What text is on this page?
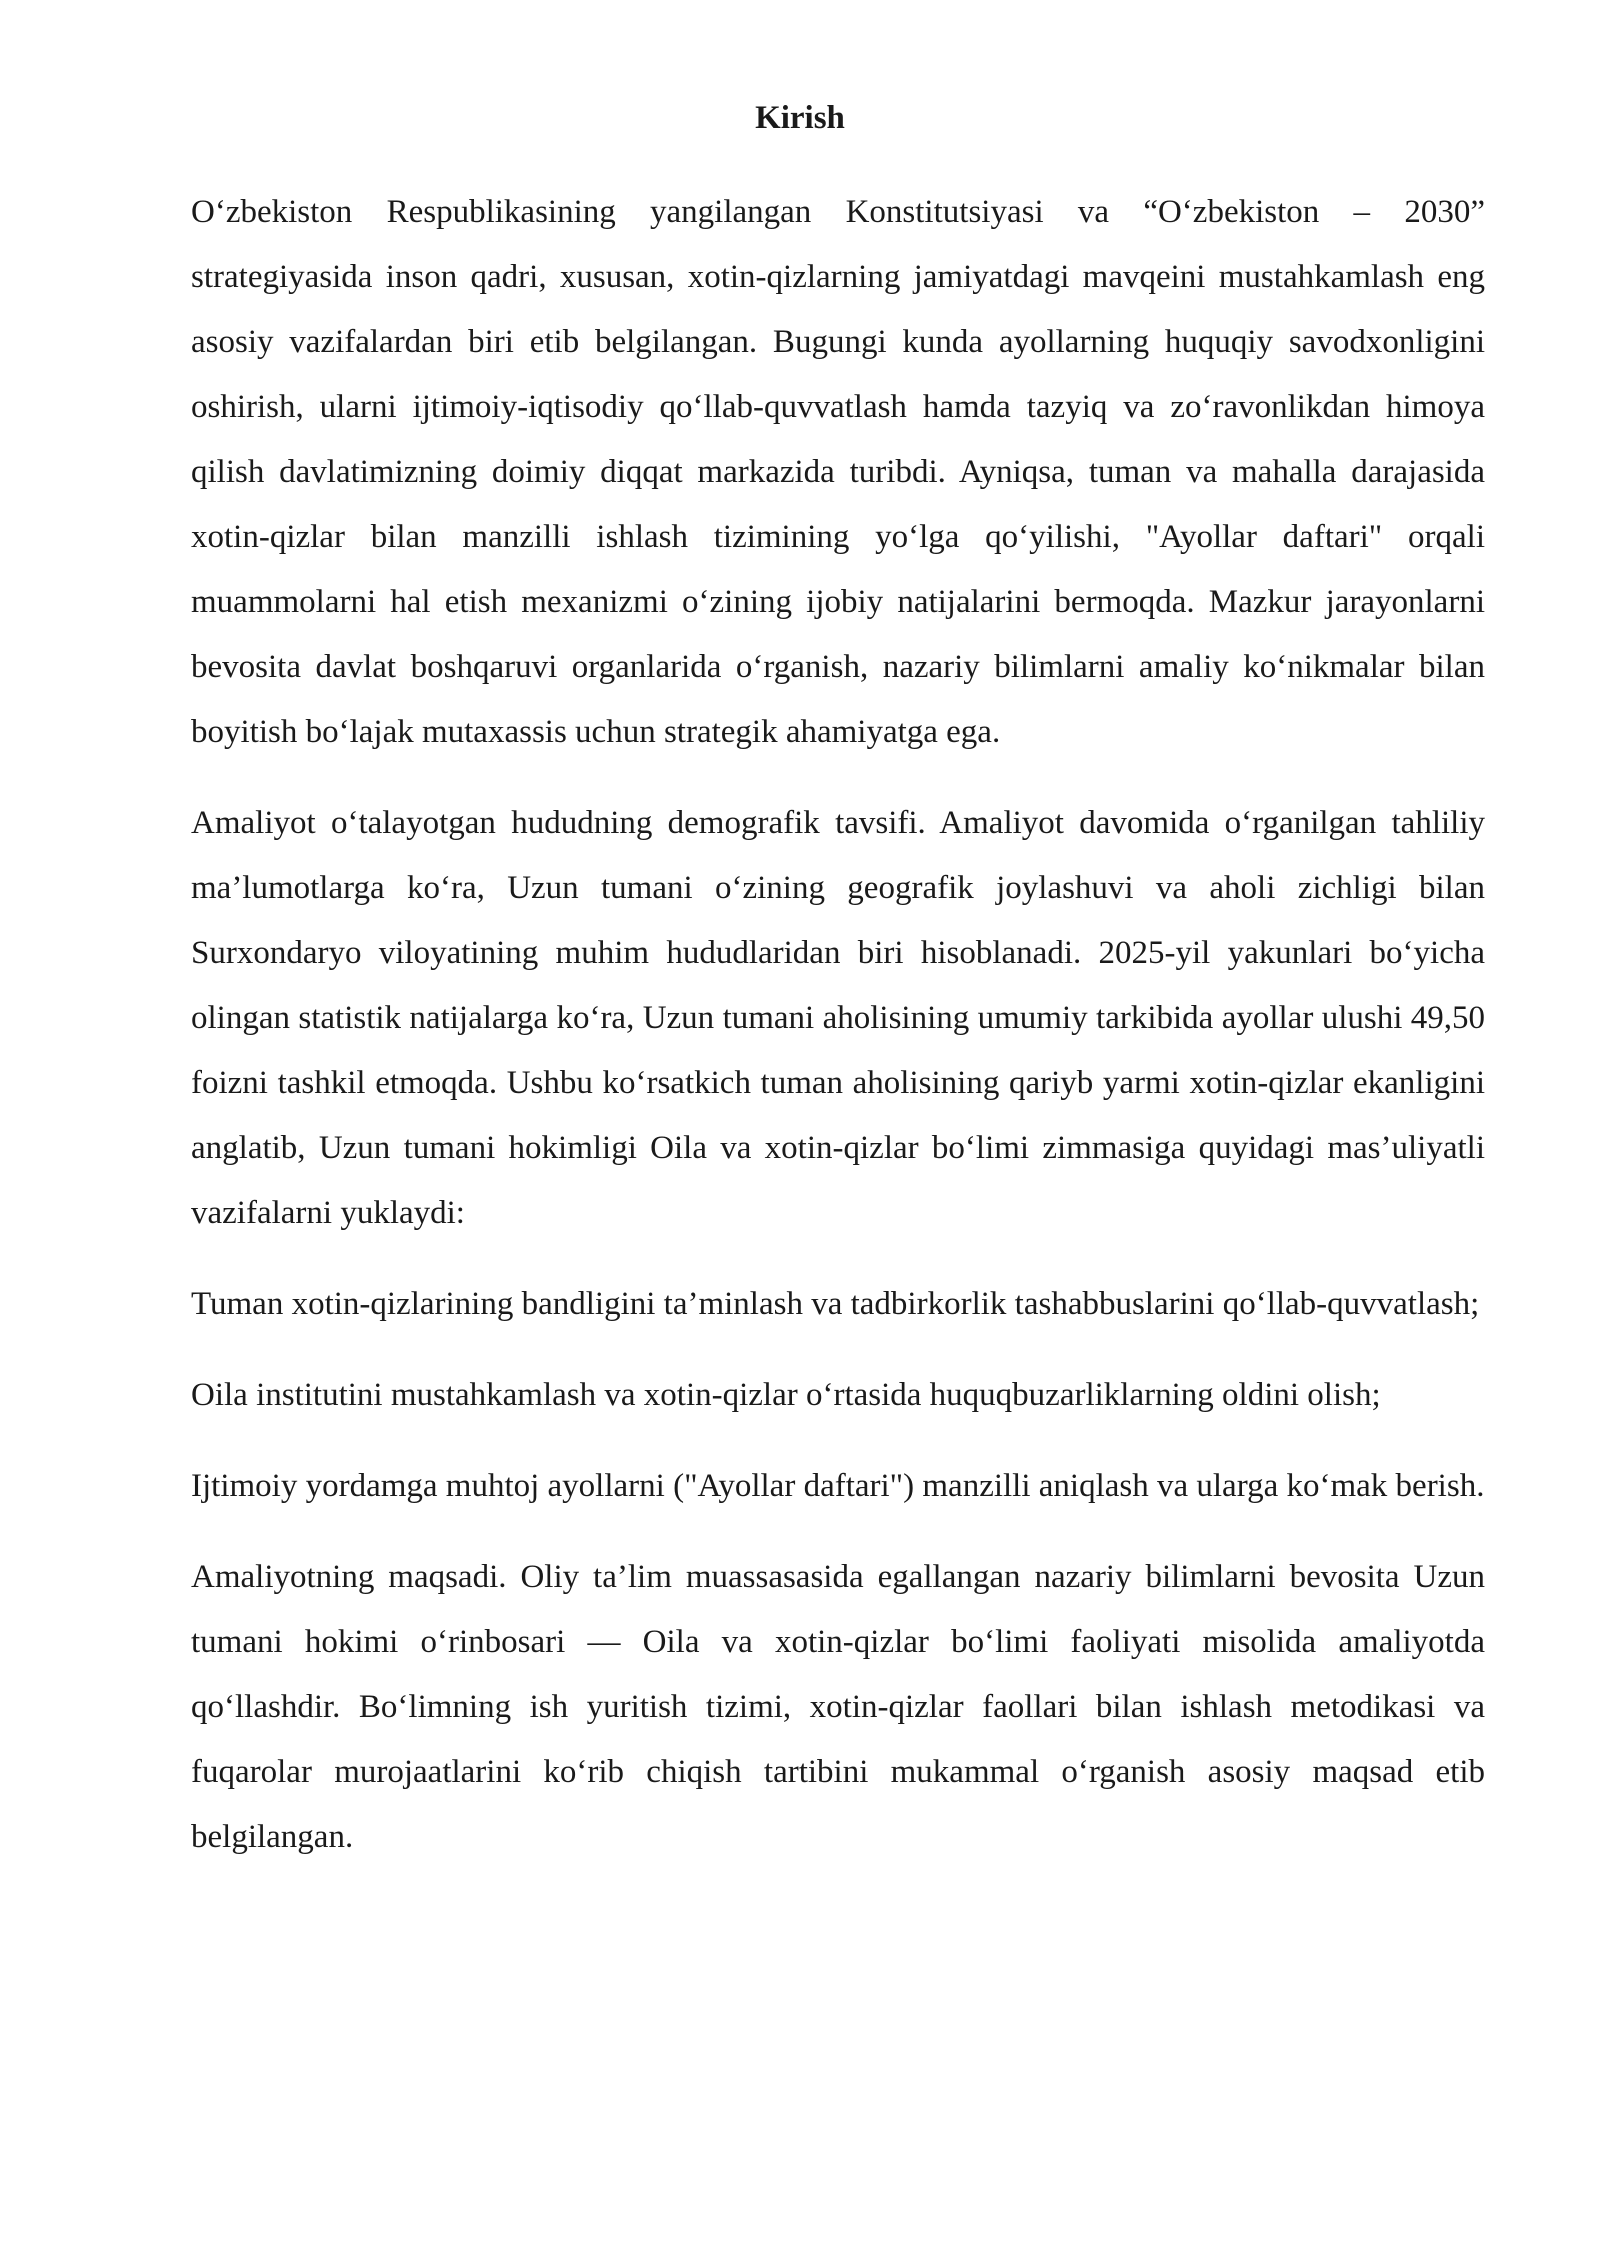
Kirish

O‘zbekiston Respublikasining yangilangan Konstitutsiyasi va “O‘zbekiston – 2030” strategiyasida inson qadri, xususan, xotin-qizlarning jamiyatdagi mavqeini mustahkamlash eng asosiy vazifalardan biri etib belgilangan. Bugungi kunda ayollarning huquqiy savodxonligini oshirish, ularni ijtimoiy-iqtisodiy qo‘llab-quvvatlash hamda tazyiq va zo‘ravonlikdan himoya qilish davlatimizning doimiy diqqat markazida turibdi. Ayniqsa, tuman va mahalla darajasida xotin-qizlar bilan manzilli ishlash tizimining yo‘lga qo‘yilishi, "Ayollar daftari" orqali muammolarni hal etish mexanizmi o‘zining ijobiy natijalarini bermoqda. Mazkur jarayonlarni bevosita davlat boshqaruvi organlarida o‘rganish, nazariy bilimlarni amaliy ko‘nikmalar bilan boyitish bo‘lajak mutaxassis uchun strategik ahamiyatga ega.

Amaliyot o‘talayotgan hududning demografik tavsifi. Amaliyot davomida o‘rganilgan tahliliy ma’lumotlarga ko‘ra, Uzun tumani o‘zining geografik joylashuvi va aholi zichligi bilan Surxondaryo viloyatining muhim hududlaridan biri hisoblanadi. 2025-yil yakunlari bo‘yicha olingan statistik natijalarga ko‘ra, Uzun tumani aholisining umumiy tarkibida ayollar ulushi 49,50 foizni tashkil etmoqda. Ushbu ko‘rsatkich tuman aholisining qariyb yarmi xotin-qizlar ekanligini anglatib, Uzun tumani hokimligi Oila va xotin-qizlar bo‘limi zimmasiga quyidagi mas’uliyatli vazifalarni yuklaydi:

Tuman xotin-qizlarining bandligini ta’minlash va tadbirkorlik tashabbuslarini qo‘llab-quvvatlash;

Oila institutini mustahkamlash va xotin-qizlar o‘rtasida huquqbuzarliklarning oldini olish;

Ijtimoiy yordamga muhtoj ayollarni ("Ayollar daftari") manzilli aniqlash va ularga ko‘mak berish.

Amaliyotning maqsadi. Oliy ta’lim muassasasida egallangan nazariy bilimlarni bevosita Uzun tumani hokimi o‘rinbosari — Oila va xotin-qizlar bo‘limi faoliyati misolida amaliyotda qo‘llashdir. Bo‘limning ish yuritish tizimi, xotin-qizlar faollari bilan ishlash metodikasi va fuqarolar murojaatlarini ko‘rib chiqish tartibini mukammal o‘rganish asosiy maqsad etib belgilangan.
